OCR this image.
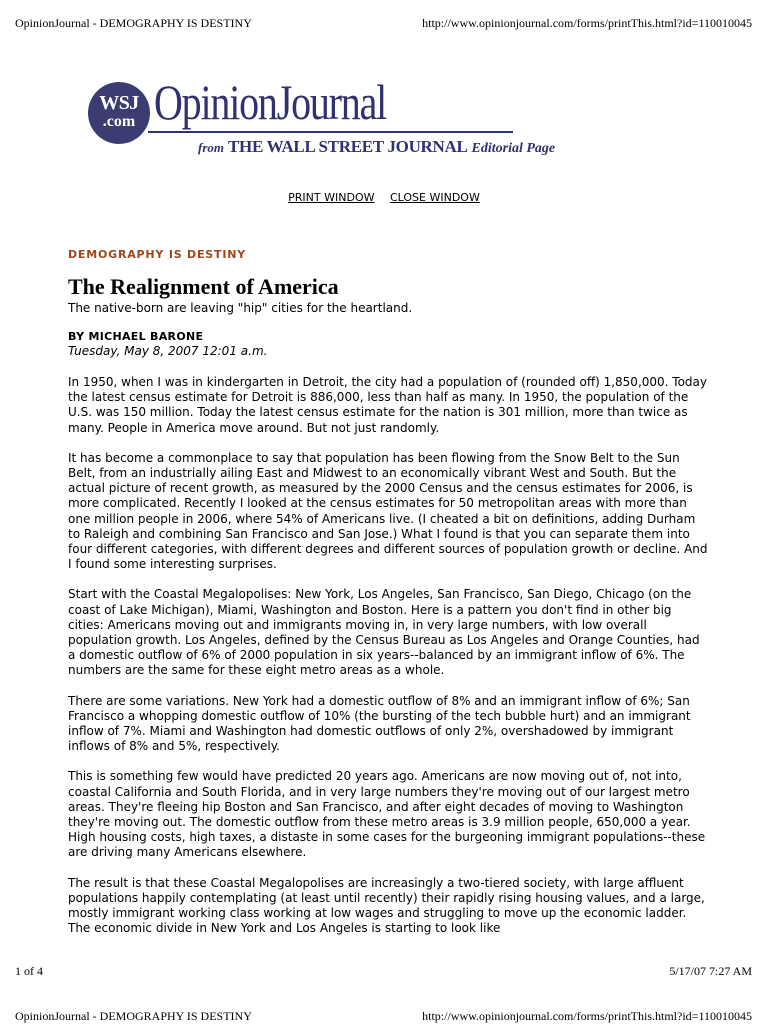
OpinionJournal - DEMOGRAPHY IS DESTINY	http://www.opinionjournal.com/forms/printThis.html?id=110010045
WSJ
.com OpinionJournal
from THE WALL STREET JOURNAL Editorial Page
PRINT WINDOW CLOSE WINDOW

DEMOGRAPHY IS DESTINY

The Realignment of America

The native-born are leaving "hip" cities for the heartland.

BY MICHAEL BARONE

Tuesday, May 8, 2007 12:01 a.m.

In 1950, when I was in kindergarten in Detroit, the city had a population of (rounded off) 1,850,000. Today the latest census estimate for Detroit is 886,000, less than half as many. In 1950, the population of the U.S. was 150 million. Today the latest census estimate for the nation is 301 million, more than twice as many. People in America move around. But not just randomly.

It has become a commonplace to say that population has been flowing from the Snow Belt to the Sun Belt, from an industrially ailing East and Midwest to an economically vibrant West and South. But the actual picture of recent growth, as measured by the 2000 Census and the census estimates for 2006, is more complicated. Recently I looked at the census estimates for 50 metropolitan areas with more than one million people in 2006, where 54% of Americans live. (I cheated a bit on definitions, adding Durham to Raleigh and combining San Francisco and San Jose.) What I found is that you can separate them into four different categories, with different degrees and different sources of population growth or decline. And I found some interesting surprises.

Start with the Coastal Megalopolises: New York, Los Angeles, San Francisco, San Diego, Chicago (on the coast of Lake Michigan), Miami, Washington and Boston. Here is a pattern you don't find in other big cities: Americans moving out and immigrants moving in, in very large numbers, with low overall population growth. Los Angeles, defined by the Census Bureau as Los Angeles and Orange Counties, had a domestic outflow of 6% of 2000 population in six years--balanced by an immigrant inflow of 6%. The numbers are the same for these eight metro areas as a whole.

There are some variations. New York had a domestic outflow of 8% and an immigrant inflow of 6%; San Francisco a whopping domestic outflow of 10% (the bursting of the tech bubble hurt) and an immigrant inflow of 7%. Miami and Washington had domestic outflows of only 2%, overshadowed by immigrant inflows of 8% and 5%, respectively.

This is something few would have predicted 20 years ago. Americans are now moving out of, not into, coastal California and South Florida, and in very large numbers they're moving out of our largest metro areas. They're fleeing hip Boston and San Francisco, and after eight decades of moving to Washington they're moving out. The domestic outflow from these metro areas is 3.9 million people, 650,000 a year. High housing costs, high taxes, a distaste in some cases for the burgeoning immigrant populations--these are driving many Americans elsewhere.

The result is that these Coastal Megalopolises are increasingly a two-tiered society, with large affluent populations happily contemplating (at least until recently) their rapidly rising housing values, and a large, mostly immigrant working class working at low wages and struggling to move up the economic ladder. The economic divide in New York and Los Angeles is starting to look like

1 of 4	5/17/07 7:27 AM
OpinionJournal - DEMOGRAPHY IS DESTINY	http://www.opinionjournal.com/forms/printThis.html?id=110010045
